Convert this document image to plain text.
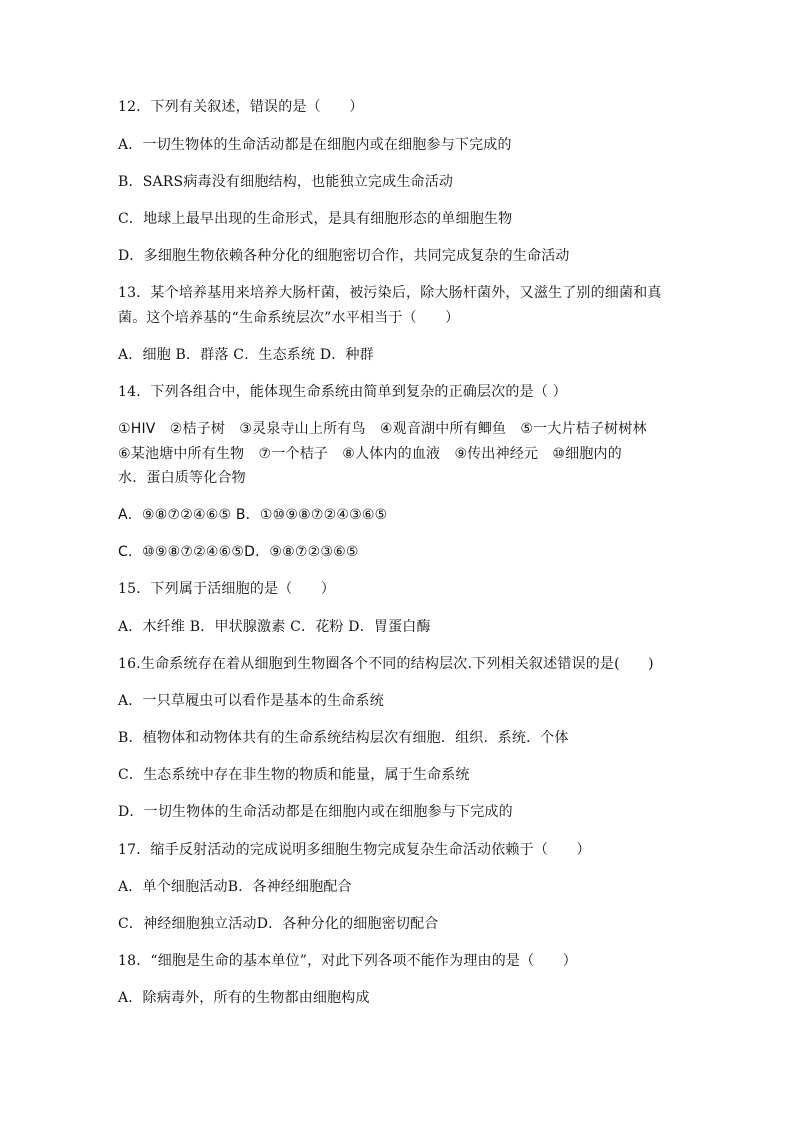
12．下列有关叙述，错误的是（　　）
A．一切生物体的生命活动都是在细胞内或在细胞参与下完成的
B．SARS病毒没有细胞结构，也能独立完成生命活动
C．地球上最早出现的生命形式，是具有细胞形态的单细胞生物
D．多细胞生物依赖各种分化的细胞密切合作，共同完成复杂的生命活动
13．某个培养基用来培养大肠杆菌，被污染后，除大肠杆菌外，又滋生了别的细菌和真
菌。这个培养基的“生命系统层次”水平相当于（　　）
A．细胞 B．群落 C．生态系统 D．种群
14．下列各组合中，能体现生命系统由简单到复杂的正确层次的是（ ）
①HIV　②桔子树　③灵泉寺山上所有鸟　④观音湖中所有鲫鱼　⑤一大片桔子树树林
⑥某池塘中所有生物　⑦一个桔子　⑧人体内的血液　⑨传出神经元　⑩细胞内的
水．蛋白质等化合物
A．⑨⑧⑦②④⑥⑤ B．①⑩⑨⑧⑦②④③⑥⑤
C．⑩⑨⑧⑦②④⑥⑤D．⑨⑧⑦②③⑥⑤
15．下列属于活细胞的是（　　）
A．木纤维 B．甲状腺激素 C．花粉 D．胃蛋白酶
16.生命系统存在着从细胞到生物圈各个不同的结构层次.下列相关叙述错误的是(　　)
A．一只草履虫可以看作是基本的生命系统
B．植物体和动物体共有的生命系统结构层次有细胞．组织．系统．个体
C．生态系统中存在非生物的物质和能量，属于生命系统
D．一切生物体的生命活动都是在细胞内或在细胞参与下完成的
17．缩手反射活动的完成说明多细胞生物完成复杂生命活动依赖于（　　）
A．单个细胞活动B．各神经细胞配合
C．神经细胞独立活动D．各种分化的细胞密切配合
18．“细胞是生命的基本单位”，对此下列各项不能作为理由的是（　　）
A．除病毒外，所有的生物都由细胞构成
